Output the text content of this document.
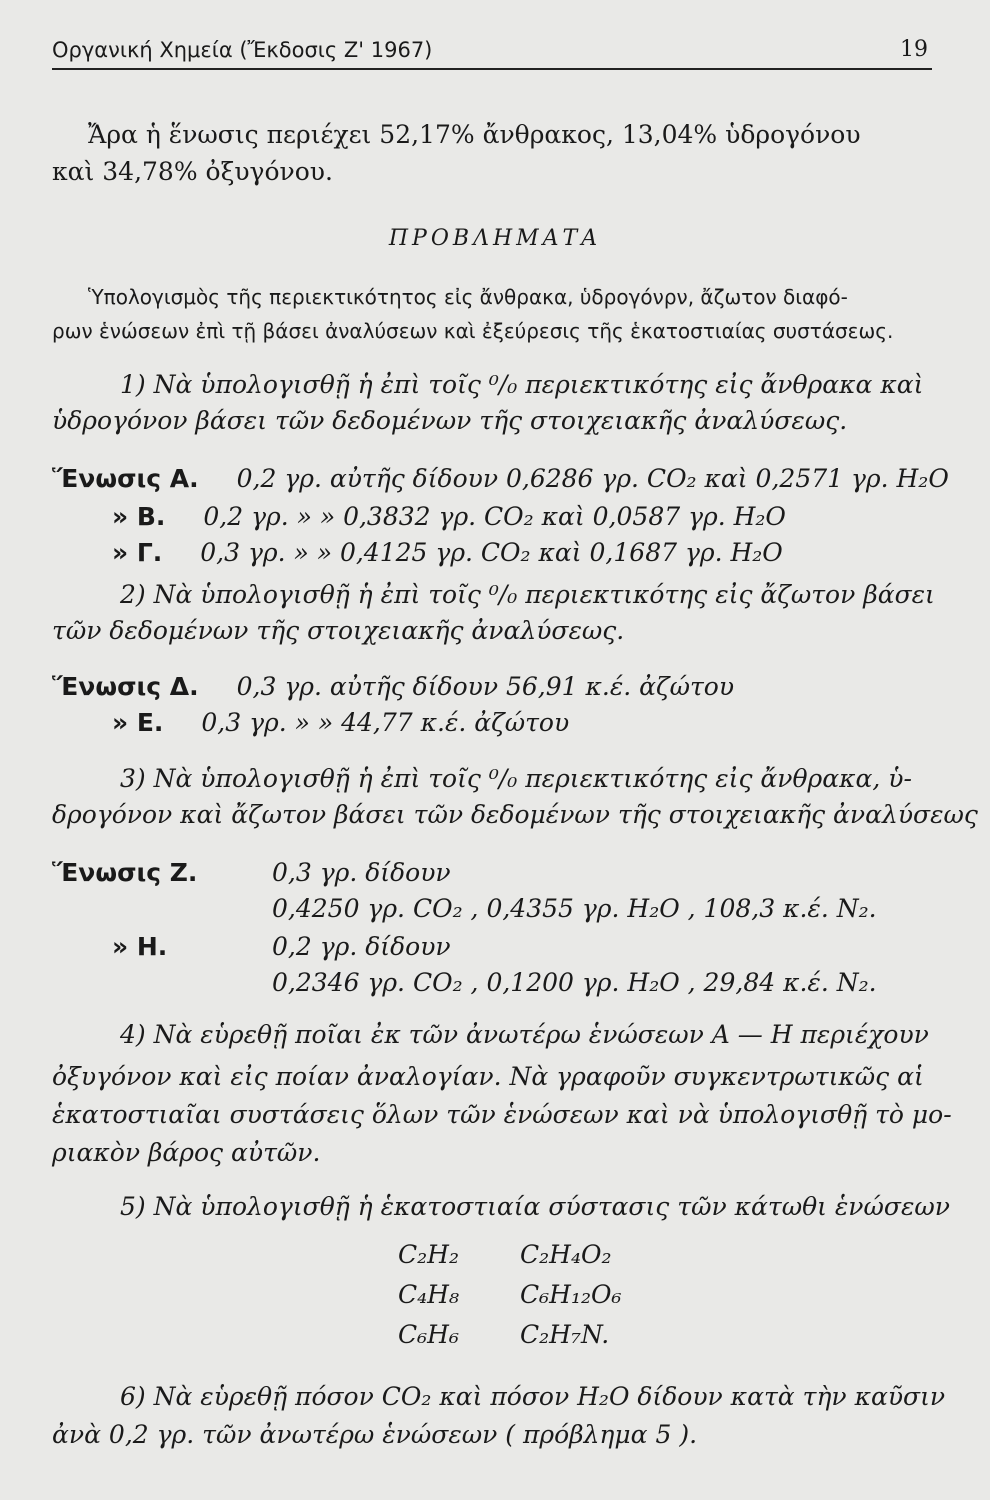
Οργανική Χημεία (Ἔκδοσις Ζ' 1967)	19
Ἄρα ἡ ἕνωσις περιέχει 52,17% ἄνθρακος, 13,04% ὑδρογόνου
καὶ 34,78% ὀξυγόνου.
ΠΡΟΒΛΗΜΑΤΑ
Ὑπολογισμὸς τῆς περιεκτικότητος εἰς ἄνθρακα, ὑδρογόνρν, ἄζωτον διαφό-
ρων ἑνώσεων ἐπὶ τῇ βάσει ἀναλύσεων καὶ ἐξεύρεσις τῆς ἑκατοστιαίας συστάσεως.
1) Νὰ ὑπολογισθῇ ἡ ἐπὶ τοῖς ⁰/₀ περιεκτικότης εἰς ἄνθρακα καὶ
ὑδρογόνον βάσει τῶν δεδομένων τῆς στοιχειακῆς ἀναλύσεως.
Ἕνωσις Α. 0,2 γρ. αὐτῆς δίδουν 0,6286 γρ. CO₂ καὶ 0,2571 γρ. H₂O
» Β. 0,2 γρ. » » 0,3832 γρ. CO₂ καὶ 0,0587 γρ. H₂O
» Γ. 0,3 γρ. » » 0,4125 γρ. CO₂ καὶ 0,1687 γρ. H₂O
2) Νὰ ὑπολογισθῇ ἡ ἐπὶ τοῖς ⁰/₀ περιεκτικότης εἰς ἄζωτον βάσει
τῶν δεδομένων τῆς στοιχειακῆς ἀναλύσεως.
Ἕνωσις Δ. 0,3 γρ. αὐτῆς δίδουν 56,91 κ.έ. ἀζώτου
» Ε. 0,3 γρ. » » 44,77 κ.έ. ἀζώτου
3) Νὰ ὑπολογισθῇ ἡ ἐπὶ τοῖς ⁰/₀ περιεκτικότης εἰς ἄνθρακα, ὑ-
δρογόνον καὶ ἄζωτον βάσει τῶν δεδομένων τῆς στοιχειακῆς ἀναλύσεως
Ἕνωσις Ζ.	0,3 γρ. δίδουν
0,4250 γρ. CO₂ , 0,4355 γρ. H₂O , 108,3 κ.έ. N₂.
» Η.	0,2 γρ. δίδουν
0,2346 γρ. CO₂ , 0,1200 γρ. H₂O , 29,84 κ.έ. N₂.
4) Νὰ εὑρεθῇ ποῖαι ἐκ τῶν ἀνωτέρω ἑνώσεων Α — Η περιέχουν
ὀξυγόνον καὶ εἰς ποίαν ἀναλογίαν. Νὰ γραφοῦν συγκεντρωτικῶς αἱ
ἑκατοστιαῖαι συστάσεις ὅλων τῶν ἑνώσεων καὶ νὰ ὑπολογισθῇ τὸ μο-
ριακὸν βάρος αὐτῶν.
5) Νὰ ὑπολογισθῇ ἡ ἑκατοστιαία σύστασις τῶν κάτωθι ἑνώσεων
C₂H₂ C₂H₄O₂
C₄H₈ C₆H₁₂O₆
C₆H₆ C₂H₇N.
6) Νὰ εὑρεθῇ πόσον CO₂ καὶ πόσον H₂O δίδουν κατὰ τὴν καῦσιν
ἀνὰ 0,2 γρ. τῶν ἀνωτέρω ἑνώσεων ( πρόβλημα 5 ).
